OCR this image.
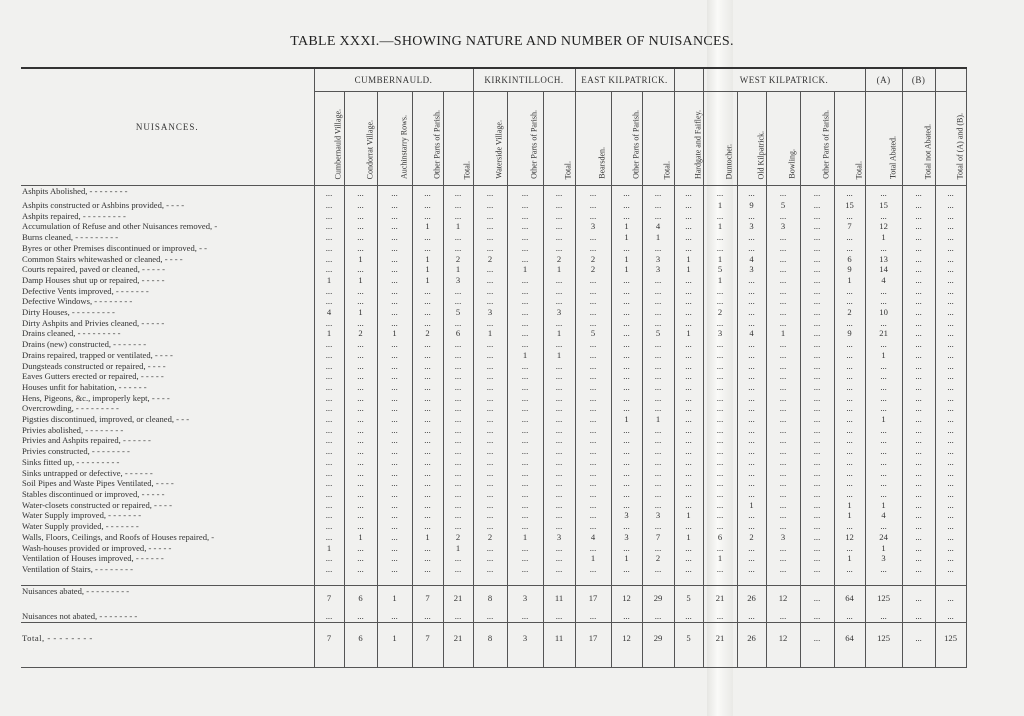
TABLE XXXI.—SHOWING NATURE AND NUMBER OF NUISANCES.
NUISANCES.	CUMBERNAULD.					KIRKINTILLOCH.			EAST KILPATRICK.				WEST KILPATRICK.					(A)	(B)	

	Cumbernauld Village.	Condorrat Village.	Auchinstarry Rows.	Other Parts of Parish.	Total.	Waterside Village.	Other Parts of Parish.	Total.	Bearsden.	Other Parts of Parish.	Total.	Hardgate and Faifley.	Duntocher.	Old Kilpatrick.	Bowling.	Other Parts of Parish.	Total.	Total Abated.	Total not Abated.	Total of (A) and (B).

Ashpits Abolished, - - - - - - - -	...	...	...	...	...	...	...	...	...	...	...	...	...	...	...	...	...	...	...	...
Ashpits constructed or Ashbins provided, - - - -	...	...	...	...	...	...	...	...	...	...	...	...	1	9	5	...	15	15	...	...
Ashpits repaired, - - - - - - - - -	...	...	...	...	...	...	...	...	...	...	...	...	...	...	...	...	...	...	...	...
Accumulation of Refuse and other Nuisances removed, -	...	...	...	1	1	...	...	...	3	1	4	...	1	3	3	...	7	12	...	...
Burns cleaned, - - - - - - - - -	...	...	...	...	...	...	...	...	...	1	1	...	...	...	...	...	...	1	...	...
Byres or other Premises discontinued or improved, - -	...	...	...	...	...	...	...	...	...	...	...	...	...	...	...	...	...	...	...	...
Common Stairs whitewashed or cleaned, - - - -	...	1	...	1	2	2	...	2	2	1	3	1	1	4	...	...	6	13	...	...
Courts repaired, paved or cleaned, - - - - -	...	...	...	1	1	...	1	1	2	1	3	1	5	3	...	...	9	14	...	...
Damp Houses shut up or repaired, - - - - -	1	1	...	1	3	...	...	...	...	...	...	...	1	...	...	...	1	4	...	...
Defective Vents improved, - - - - - - -	...	...	...	...	...	...	...	...	...	...	...	...	...	...	...	...	...	...	...	...
Defective Windows, - - - - - - - -	...	...	...	...	...	...	...	...	...	...	...	...	...	...	...	...	...	...	...	...
Dirty Houses, - - - - - - - - -	4	1	...	...	5	3	...	3	...	...	...	...	2	...	...	...	2	10	...	...
Dirty Ashpits and Privies cleaned, - - - - -	...	...	...	...	...	...	...	...	...	...	...	...	...	...	...	...	...	...	...	...
Drains cleaned, - - - - - - - - -	1	2	1	2	6	1	...	1	5	...	5	1	3	4	1	...	9	21	...	...
Drains (new) constructed, - - - - - - -	...	...	...	...	...	...	...	...	...	...	...	...	...	...	...	...	...	...	...	...
Drains repaired, trapped or ventilated, - - - -	...	...	...	...	...	...	1	1	...	...	...	...	...	...	...	...	...	1	...	...
Dungsteads constructed or repaired, - - - -	...	...	...	...	...	...	...	...	...	...	...	...	...	...	...	...	...	...	...	...
Eaves Gutters erected or repaired, - - - - -	...	...	...	...	...	...	...	...	...	...	...	...	...	...	...	...	...	...	...	...
Houses unfit for habitation, - - - - - -	...	...	...	...	...	...	...	...	...	...	...	...	...	...	...	...	...	...	...	...
Hens, Pigeons, &c., improperly kept, - - - -	...	...	...	...	...	...	...	...	...	...	...	...	...	...	...	...	...	...	...	...
Overcrowding, - - - - - - - - -	...	...	...	...	...	...	...	...	...	...	...	...	...	...	...	...	...	...	...	...
Pigsties discontinued, improved, or cleaned, - - -	...	...	...	...	...	...	...	...	...	1	1	...	...	...	...	...	...	1	...	...
Privies abolished, - - - - - - - -	...	...	...	...	...	...	...	...	...	...	...	...	...	...	...	...	...	...	...	...
Privies and Ashpits repaired, - - - - - -	...	...	...	...	...	...	...	...	...	...	...	...	...	...	...	...	...	...	...	...
Privies constructed, - - - - - - - -	...	...	...	...	...	...	...	...	...	...	...	...	...	...	...	...	...	...	...	...
Sinks fitted up, - - - - - - - - -	...	...	...	...	...	...	...	...	...	...	...	...	...	...	...	...	...	...	...	...
Sinks untrapped or defective, - - - - - -	...	...	...	...	...	...	...	...	...	...	...	...	...	...	...	...	...	...	...	...
Soil Pipes and Waste Pipes Ventilated, - - - -	...	...	...	...	...	...	...	...	...	...	...	...	...	...	...	...	...	...	...	...
Stables discontinued or improved, - - - - -	...	...	...	...	...	...	...	...	...	...	...	...	...	...	...	...	...	...	...	...
Water-closets constructed or repaired, - - - -	...	...	...	...	...	...	...	...	...	...	...	...	...	1	...	...	1	1	...	...
Water Supply improved, - - - - - - -	...	...	...	...	...	...	...	...	...	3	3	1	...	...	...	...	1	4	...	...
Water Supply provided, - - - - - - -	...	...	...	...	...	...	...	...	...	...	...	...	...	...	...	...	...	...	...	...
Walls, Floors, Ceilings, and Roofs of Houses repaired, -	...	1	...	1	2	2	1	3	4	3	7	1	6	2	3	...	12	24	...	...
Wash-houses provided or improved, - - - - -	1	...	...	...	1	...	...	...	...	...	...	...	...	...	...	...	...	1	...	...
Ventilation of Houses improved, - - - - - -	...	...	...	...	...	...	...	...	1	1	2	...	1	...	...	...	1	3	...	...
Ventilation of Stairs, - - - - - - - -	...	...	...	...	...	...	...	...	...	...	...	...	...	...	...	...	...	...	...	...

Nuisances abated, - - - - - - - - -	7	6	1	7	21	8	3	11	17	12	29	5	21	26	12	...	64	125	...	...
Nuisances not abated, - - - - - - - -	...	...	...	...	...	...	...	...	...	...	...	...	...	...	...	...	...	...	...	...
Total, - - - - - - - -	7	6	1	7	21	8	3	11	17	12	29	5	21	26	12	...	64	125	...	125
